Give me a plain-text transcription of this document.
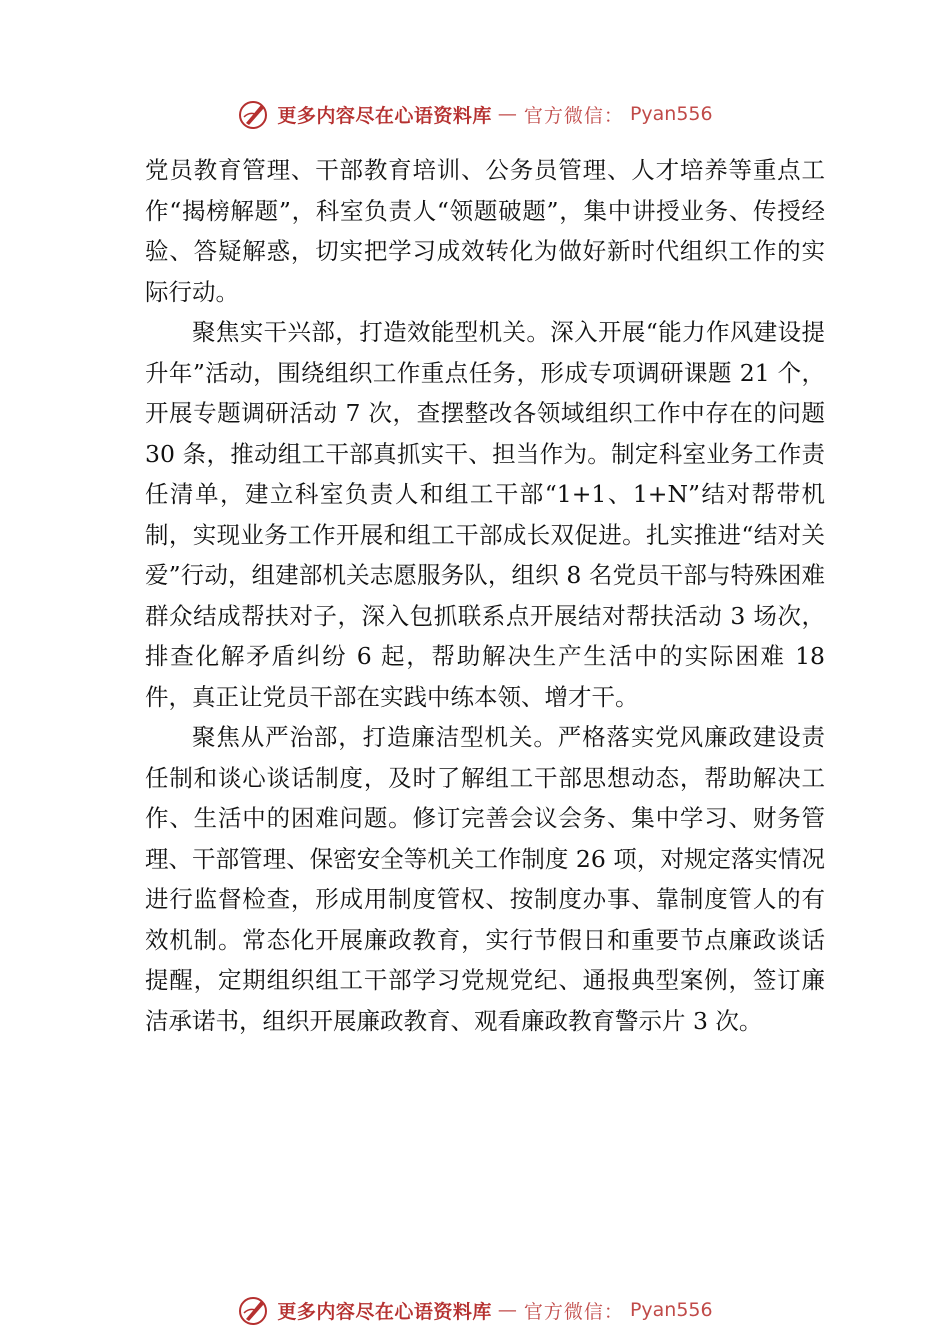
更多内容尽在心语资料库 — 官方微信： Pyan556

党员教育管理、干部教育培训、公务员管理、人才培养等重点工作“揭榜解题”，科室负责人“领题破题”，集中讲授业务、传授经验、答疑解惑，切实把学习成效转化为做好新时代组织工作的实际行动。

聚焦实干兴部，打造效能型机关。深入开展“能力作风建设提升年”活动，围绕组织工作重点任务，形成专项调研课题 21 个，开展专题调研活动 7 次，查摆整改各领域组织工作中存在的问题 30 条，推动组工干部真抓实干、担当作为。制定科室业务工作责任清单，建立科室负责人和组工干部“1+1、1+N”结对帮带机制，实现业务工作开展和组工干部成长双促进。扎实推进“结对关爱”行动，组建部机关志愿服务队，组织 8 名党员干部与特殊困难群众结成帮扶对子，深入包抓联系点开展结对帮扶活动 3 场次，排查化解矛盾纠纷 6 起，帮助解决生产生活中的实际困难 18 件，真正让党员干部在实践中练本领、增才干。

聚焦从严治部，打造廉洁型机关。严格落实党风廉政建设责任制和谈心谈话制度，及时了解组工干部思想动态，帮助解决工作、生活中的困难问题。修订完善会议会务、集中学习、财务管理、干部管理、保密安全等机关工作制度 26 项，对规定落实情况进行监督检查，形成用制度管权、按制度办事、靠制度管人的有效机制。常态化开展廉政教育，实行节假日和重要节点廉政谈话提醒，定期组织组工干部学习党规党纪、通报典型案例，签订廉洁承诺书，组织开展廉政教育、观看廉政教育警示片 3 次。

更多内容尽在心语资料库 — 官方微信： Pyan556
